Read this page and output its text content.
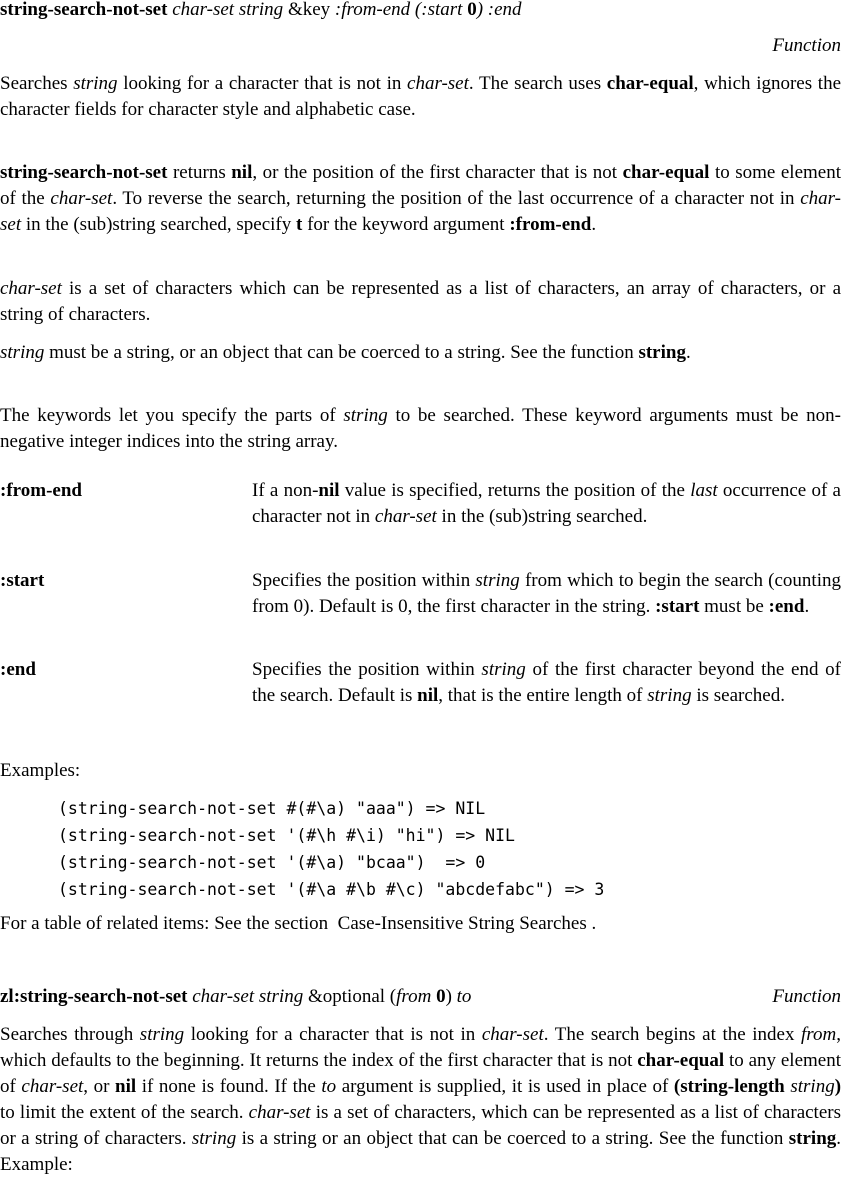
string-search-not-set char-set string &key :from-end (:start 0) :end
Function
Searches string looking for a character that is not in char-set. The search uses char-equal, which ignores the character fields for character style and alphabetic case.
string-search-not-set returns nil, or the position of the first character that is not char-equal to some element of the char-set. To reverse the search, returning the position of the last occurrence of a character not in char-set in the (sub)string searched, specify t for the keyword argument :from-end.
char-set is a set of characters which can be represented as a list of characters, an array of characters, or a string of characters.
string must be a string, or an object that can be coerced to a string. See the function string.
The keywords let you specify the parts of string to be searched. These keyword arguments must be non-negative integer indices into the string array.
:from-end	If a non-nil value is specified, returns the position of the last occurrence of a character not in char-set in the (sub)string searched.
:start	Specifies the position within string from which to begin the search (counting from 0). Default is 0, the first character in the string. :start must be :end.
:end	Specifies the position within string of the first character beyond the end of the search. Default is nil, that is the entire length of string is searched.
Examples:
(string-search-not-set #(#\a) "aaa") => NIL
(string-search-not-set '(#\h #\i) "hi") => NIL
(string-search-not-set '(#\a) "bcaa")  => 0
(string-search-not-set '(#\a #\b #\c) "abcdefabc") => 3
For a table of related items: See the section  Case-Insensitive String Searches .
zl:string-search-not-set char-set string &optional (from 0) to	Function
Searches through string looking for a character that is not in char-set. The search begins at the index from, which defaults to the beginning. It returns the index of the first character that is not char-equal to any element of char-set, or nil if none is found. If the to argument is supplied, it is used in place of (string-length string) to limit the extent of the search. char-set is a set of characters, which can be represented as a list of characters or a string of characters. string is a string or an object that can be coerced to a string. See the function string. Example:
